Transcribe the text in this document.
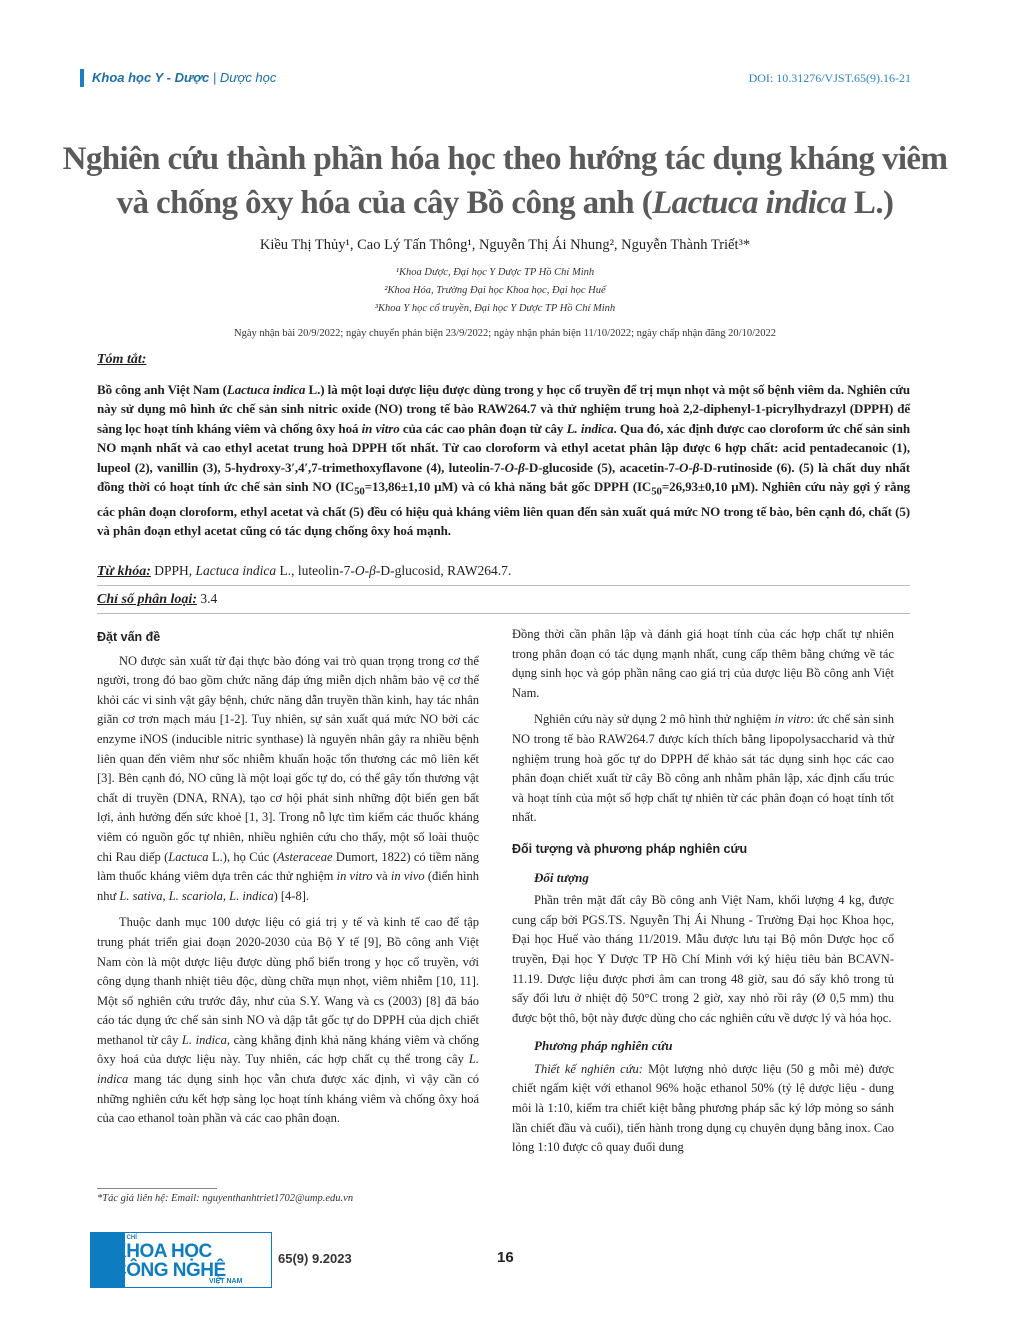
Khoa học Y - Dược | Dược học	DOI: 10.31276/VJST.65(9).16-21
Nghiên cứu thành phần hóa học theo hướng tác dụng kháng viêm
và chống ôxy hóa của cây Bồ công anh (Lactuca indica L.)
Kiều Thị Thủy¹, Cao Lý Tấn Thông¹, Nguyễn Thị Ái Nhung², Nguyễn Thành Triết³*
¹Khoa Dược, Đại học Y Dược TP Hồ Chí Minh
²Khoa Hóa, Trường Đại học Khoa học, Đại học Huế
³Khoa Y học cổ truyền, Đại học Y Dược TP Hồ Chí Minh
Ngày nhận bài 20/9/2022; ngày chuyển phản biện 23/9/2022; ngày nhận phản biện 11/10/2022; ngày chấp nhận đăng 20/10/2022
Tóm tắt:
Bồ công anh Việt Nam (Lactuca indica L.) là một loại dược liệu được dùng trong y học cổ truyền để trị mụn nhọt và một số bệnh viêm da. Nghiên cứu này sử dụng mô hình ức chế sản sinh nitric oxide (NO) trong tế bào RAW264.7 và thử nghiệm trung hoà 2,2-diphenyl-1-picrylhydrazyl (DPPH) để sàng lọc hoạt tính kháng viêm và chống ôxy hoá in vitro của các cao phân đoạn từ cây L. indica. Qua đó, xác định được cao cloroform ức chế sản sinh NO mạnh nhất và cao ethyl acetat trung hoà DPPH tốt nhất. Từ cao cloroform và ethyl acetat phân lập được 6 hợp chất: acid pentadecanoic (1), lupeol (2), vanillin (3), 5-hydroxy-3′,4′,7-trimethoxyflavone (4), luteolin-7-O-β-D-glucoside (5), acacetin-7-O-β-D-rutinoside (6). (5) là chất duy nhất đồng thời có hoạt tính ức chế sản sinh NO ($IC_{50}=13,86\pm 1,10$ μM) và có khả năng bắt gốc DPPH ($IC_{50}=26,93\pm 0,10$ μM). Nghiên cứu này gợi ý rằng các phân đoạn cloroform, ethyl acetat và chất (5) đều có hiệu quả kháng viêm liên quan đến sản xuất quá mức NO trong tế bào, bên cạnh đó, chất (5) và phân đoạn ethyl acetat cũng có tác dụng chống ôxy hoá mạnh.
Từ khóa: DPPH, Lactuca indica L., luteolin-7-O-β-D-glucosid, RAW264.7.
Chỉ số phân loại: 3.4
Đặt vấn đề

NO được sản xuất từ đại thực bào đóng vai trò quan trọng trong cơ thể người, trong đó bao gồm chức năng đáp ứng miễn dịch nhằm bảo vệ cơ thể khỏi các vi sinh vật gây bệnh, chức năng dẫn truyền thần kinh, hay tác nhân giãn cơ trơn mạch máu [1-2]. Tuy nhiên, sự sản xuất quá mức NO bởi các enzyme iNOS (inducible nitric synthase) là nguyên nhân gây ra nhiều bệnh liên quan đến viêm như sốc nhiễm khuẩn hoặc tổn thương các mô liên kết [3]. Bên cạnh đó, NO cũng là một loại gốc tự do, có thể gây tổn thương vật chất di truyền (DNA, RNA), tạo cơ hội phát sinh những đột biến gen bất lợi, ảnh hưởng đến sức khoẻ [1, 3]. Trong nỗ lực tìm kiếm các thuốc kháng viêm có nguồn gốc tự nhiên, nhiều nghiên cứu cho thấy, một số loài thuộc chi Rau diếp (Lactuca L.), họ Cúc (Asteraceae Dumort, 1822) có tiềm năng làm thuốc kháng viêm dựa trên các thử nghiệm in vitro và in vivo (điển hình như L. sativa, L. scariola, L. indica) [4-8].

Thuộc danh mục 100 dược liệu có giá trị y tế và kinh tế cao để tập trung phát triển giai đoạn 2020-2030 của Bộ Y tế [9], Bồ công anh Việt Nam còn là một dược liệu được dùng phổ biến trong y học cổ truyền, với công dụng thanh nhiệt tiêu độc, dùng chữa mụn nhọt, viêm nhiễm [10, 11]. Một số nghiên cứu trước đây, như của S.Y. Wang và cs (2003) [8] đã báo cáo tác dụng ức chế sản sinh NO và dập tắt gốc tự do DPPH của dịch chiết methanol từ cây L. indica, càng khẳng định khả năng kháng viêm và chống ôxy hoá của dược liệu này. Tuy nhiên, các hợp chất cụ thể trong cây L. indica mang tác dụng sinh học vẫn chưa được xác định, vì vậy cần có những nghiên cứu kết hợp sàng lọc hoạt tính kháng viêm và chống ôxy hoá của cao ethanol toàn phần và các cao phân đoạn.

Đồng thời cần phân lập và đánh giá hoạt tính của các hợp chất tự nhiên trong phân đoạn có tác dụng mạnh nhất, cung cấp thêm bằng chứng về tác dụng sinh học và góp phần nâng cao giá trị của dược liệu Bồ công anh Việt Nam.

Nghiên cứu này sử dụng 2 mô hình thử nghiệm in vitro: ức chế sản sinh NO trong tế bào RAW264.7 được kích thích bằng lipopolysaccharid và thử nghiệm trung hoà gốc tự do DPPH để khảo sát tác dụng sinh học các cao phân đoạn chiết xuất từ cây Bồ công anh nhằm phân lập, xác định cấu trúc và hoạt tính của một số hợp chất tự nhiên từ các phân đoạn có hoạt tính tốt nhất.

Đối tượng và phương pháp nghiên cứu
Đối tượng

Phần trên mặt đất cây Bồ công anh Việt Nam, khối lượng 4 kg, được cung cấp bởi PGS.TS. Nguyễn Thị Ái Nhung - Trường Đại học Khoa học, Đại học Huế vào tháng 11/2019. Mẫu được lưu tại Bộ môn Dược học cổ truyền, Đại học Y Dược TP Hồ Chí Minh với ký hiệu tiêu bản BCAVN-11.19. Dược liệu được phơi âm can trong 48 giờ, sau đó sấy khô trong tủ sấy đối lưu ở nhiệt độ 50°C trong 2 giờ, xay nhỏ rồi rây (Ø 0,5 mm) thu được bột thô, bột này được dùng cho các nghiên cứu về dược lý và hóa học.

Phương pháp nghiên cứu

Thiết kế nghiên cứu: Một lượng nhỏ dược liệu (50 g mỗi mẻ) được chiết ngấm kiệt với ethanol 96% hoặc ethanol 50% (tỷ lệ dược liệu - dung môi là 1:10, kiểm tra chiết kiệt bằng phương pháp sắc ký lớp mỏng so sánh lần chiết đầu và cuối), tiến hành trong dụng cụ chuyên dụng bằng inox. Cao lỏng 1:10 được cô quay đuổi dung

*Tác giả liên hệ: Email: nguyenthanhtriet1702@ump.edu.vn
TẠP CHÍ
KHOA HỌC
CÔNG NGHỆ
VIỆT NAM
65(9) 9.2023	16
